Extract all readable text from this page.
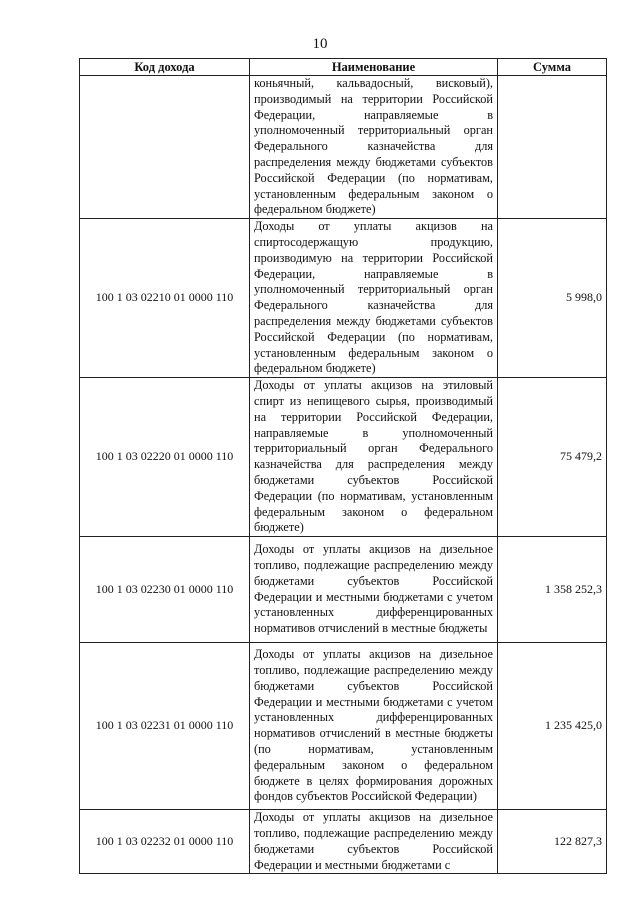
10
Код дохода	Наименование	Сумма
	коньячный, кальвадосный, висковый), производимый на территории Российской Федерации, направляемые в уполномоченный территориальный орган Федерального казначейства для распределения между бюджетами субъектов Российской Федерации (по нормативам, установленным федеральным законом о федеральном бюджете)	
100 1 03 02210 01 0000 110	Доходы от уплаты акцизов на спиртосодержащую продукцию, производимую на территории Российской Федерации, направляемые в уполномоченный территориальный орган Федерального казначейства для распределения между бюджетами субъектов Российской Федерации (по нормативам, установленным федеральным законом о федеральном бюджете)	5 998,0
100 1 03 02220 01 0000 110	Доходы от уплаты акцизов на этиловый спирт из непищевого сырья, производимый на территории Российской Федерации, направляемые в уполномоченный территориальный орган Федерального казначейства для распределения между бюджетами субъектов Российской Федерации (по нормативам, установленным федеральным законом о федеральном бюджете)	75 479,2
100 1 03 02230 01 0000 110	Доходы от уплаты акцизов на дизельное топливо, подлежащие распределению между бюджетами субъектов Российской Федерации и местными бюджетами с учетом установленных дифференцированных нормативов отчислений в местные бюджеты	1 358 252,3
100 1 03 02231 01 0000 110	Доходы от уплаты акцизов на дизельное топливо, подлежащие распределению между бюджетами субъектов Российской Федерации и местными бюджетами с учетом установленных дифференцированных нормативов отчислений в местные бюджеты (по нормативам, установленным федеральным законом о федеральном бюджете в целях формирования дорожных фондов субъектов Российской Федерации)	1 235 425,0
100 1 03 02232 01 0000 110	Доходы от уплаты акцизов на дизельное топливо, подлежащие распределению между бюджетами субъектов Российской Федерации и местными бюджетами с	122 827,3
